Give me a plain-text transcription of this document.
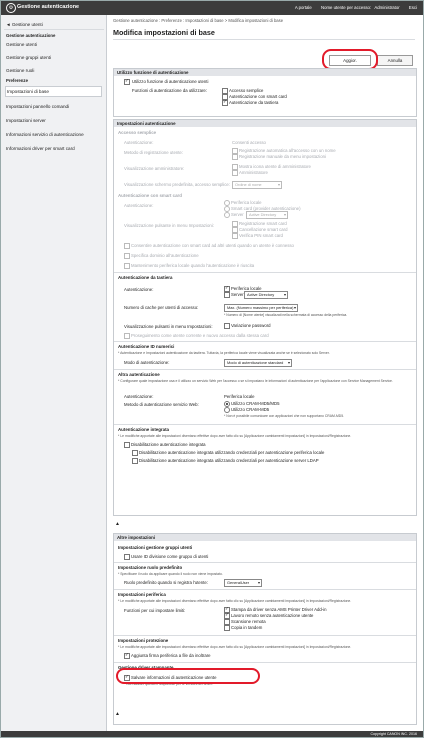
⚙ Gestione autenticazione	A portale Nome utente per accesso: Administrator Esci
◄ Gestione utenti
Gestione autenticazione
Gestione utenti
Gestione gruppi utenti
Gestione ruoli
Preferenze
Impostazioni di base
Impostazioni pannello comandi
Impostazioni server
Informazioni servizio di autenticazione
Informazioni driver per smart card
Gestione autenticazione : Preferenze : Impostazioni di base > Modifica impostazioni di base
Modifica impostazioni di base
Aggior.	Annulla
Utilizzo funzione di autenticazione
✓
Utilizzo funzione di autenticazione utenti
Funzioni di autenticazione da utilizzare:	Accesso semplice
Autenticazione con smart card
✓
Autenticazione da tastiera
Impostazioni autenticazione
Accesso semplice
Autenticazione:	Consenti accesso
Metodo di registrazione utente:	Registrazione automatica all'accesso con un nome
Registrazione manuale da menu impostazioni
Visualizzazione amministratore:	Mostra icona utente di amministratore
Amministratore
Visualizzazione schermo predefinita, accesso semplice:	Ordine di nome ▾
Autenticazione con smart card
Autenticazione:
Periferica locale
Smart card (provider autenticazione)
Server	Active Directory ▾
Visualizzazione pulsante in menu Impostazioni:	Registrazione smart card
Cancellazione smart card
Verifica PIN smart card
Consentire autenticazione con smart card ad altri utenti quando un utente è connesso
Specifica dominio all'autenticazione
Mantenimento periferica locale quando l'autenticazione è riuscita
Autenticazione da tastiera
Autenticazione: ✓	Periferica locale
Server Active Directory ▾
Numero di cache per utenti di accesso:	Max. (Numero massimo per periferica) ▾
* Numero di [Nome utente] visualizzati nella schermata di accesso della periferica.
Visualizzazione pulsanti in menu Impostazioni:	Variazione password
Proseguimento come utente corrente e nuovo accesso dalla stessa card
Autenticazione ID numerici
* Autenticazione e Impostazioni autenticazione da tastiera. Tuttavia, la periferica locale viene visualizzata anche se è selezionato solo Server.
Modo di autenticazione:	Modo di autenticazione standard ▾
Altra autenticazione
* Configurare quale impostazione usa e il utilizzo un servizio Web per l'accesso o se si impostano le informazioni di autenticazione per l'applicazione con Service Management Service.
Autenticazione:	Periferica locale
Metodo di autenticazione servizio Web:	Utilizzo CRAM-MD5/MD5
Utilizzo CRAM-MD5
* Non è possibile comunicare con applicazioni che non supportano CRAM-MD5.
Autenticazione integrata
* Le modifiche apportate alle impostazioni diventano effettive dopo aver fatto clic su [Applicazione cambiamenti impostazioni] in Impostazioni/Registrazione.
Disabilitazione autenticazione integrata
Disabilitazione autenticazione integrata utilizzando credenziali per autenticazione periferica locale
Disabilitazione autenticazione integrata utilizzando credenziali per autenticazione server LDAP
▲
Altre impostazioni
Impostazioni gestione gruppi utenti
Usare ID divisione come gruppo di utenti
Impostazione ruolo predefinito
* Specificare il ruolo da applicare quando il ruolo non viene impostato.
Ruolo predefinito quando si registra l'utente:	GeneralUser ▾
Impostazioni periferica
* Le modifiche apportate alle impostazioni diventano effettive dopo aver fatto clic su [Applicazione cambiamenti impostazioni] in Impostazioni/Registrazione.
Funzioni per cui impostare limiti: ✓	Stampa da driver senza AMS Printer Driver Add-in
✓
Lavoro remoto senza autenticazione utente
Scansione remota
Copia in tandem
Impostazioni protezione
* Le modifiche apportate alle impostazioni diventano effettive dopo aver fatto clic su [Applicazione cambiamenti impostazioni] in Impostazioni/Registrazione.
✓
Aggiunta firma periferica a file da inoltrare
Gestione driver stampante
✓
Salvare informazioni di autenticazione utente
* Non salvare questo è disponibile per le versioni del driver.
▲
Copyright CANON INC. 2016
